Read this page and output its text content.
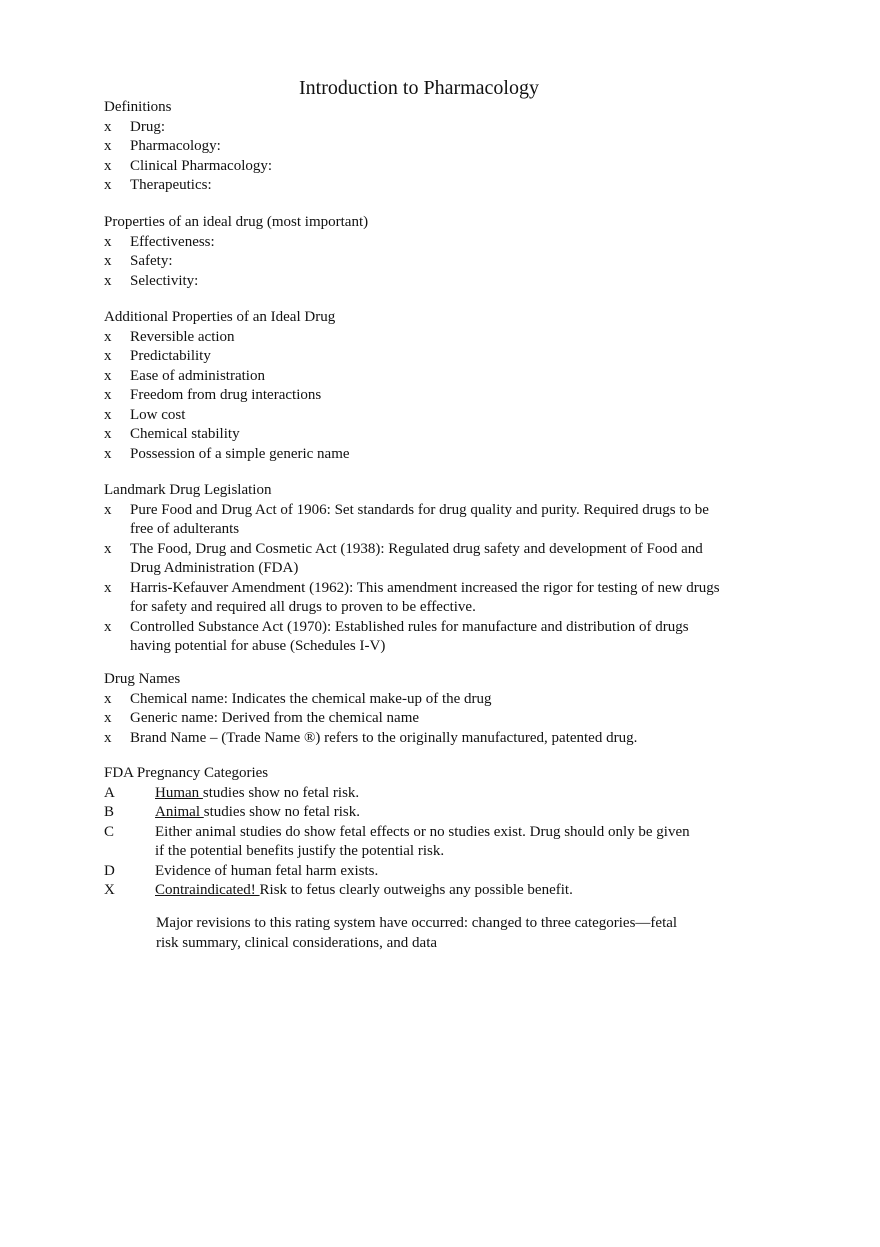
Introduction to Pharmacology
Definitions
x Drug:
x Pharmacology:
x Clinical Pharmacology:
x Therapeutics:
Properties of an ideal drug (most important)
x Effectiveness:
x Safety:
x Selectivity:
Additional Properties of an Ideal Drug
x Reversible action
x Predictability
x Ease of administration
x Freedom from drug interactions
x Low cost
x Chemical stability
x Possession of a simple generic name
Landmark Drug Legislation
x Pure Food and Drug Act of 1906: Set standards for drug quality and purity. Required drugs to be free of adulterants
x The Food, Drug and Cosmetic Act (1938): Regulated drug safety and development of Food and Drug Administration (FDA)
x Harris-Kefauver Amendment (1962): This amendment increased the rigor for testing of new drugs for safety and required all drugs to proven to be effective.
x Controlled Substance Act (1970): Established rules for manufacture and distribution of drugs having potential for abuse (Schedules I-V)
Drug Names
x Chemical name: Indicates the chemical make-up of the drug
x Generic name: Derived from the chemical name
x Brand Name – (Trade Name ®) refers to the originally manufactured, patented drug.
FDA Pregnancy Categories
A	Human studies show no fetal risk.
B	Animal studies show no fetal risk.
C	Either animal studies do show fetal effects or no studies exist. Drug should only be given if the potential benefits justify the potential risk.
D	Evidence of human fetal harm exists.
X	Contraindicated! Risk to fetus clearly outweighs any possible benefit.
Major revisions to this rating system have occurred: changed to three categories—fetal risk summary, clinical considerations, and data
